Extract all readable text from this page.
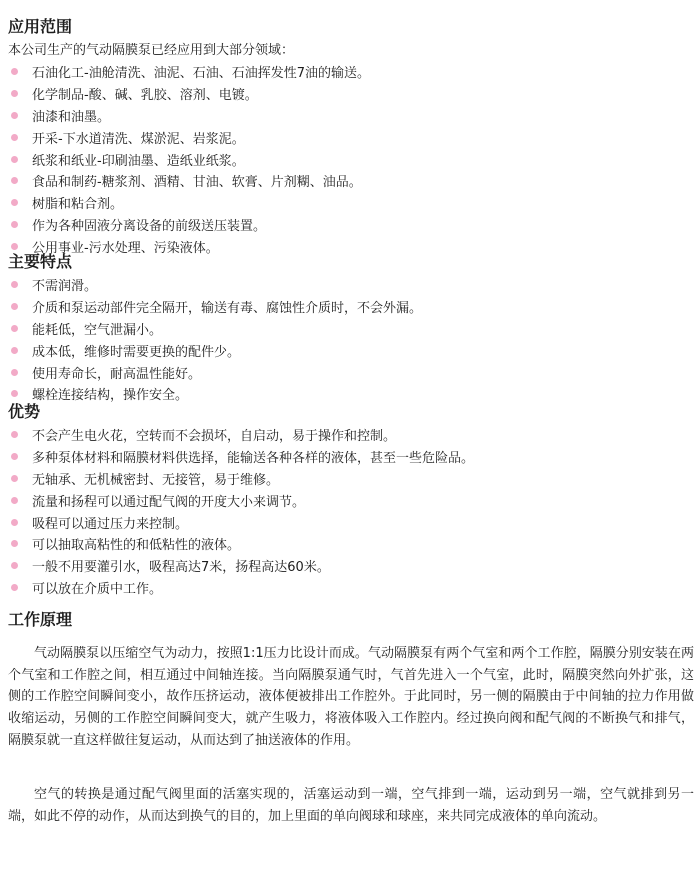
应用范围
本公司生产的气动隔膜泵已经应用到大部分领域：
石油化工-油舱清洗、油泥、石油、石油挥发性7油的输送。
化学制品-酸、碱、乳胶、溶剂、电镀。
油漆和油墨。
开采-下水道清洗、煤淤泥、岩浆泥。
纸浆和纸业-印刷油墨、造纸业纸浆。
食品和制药-糖浆剂、酒精、甘油、软膏、片剂糊、油品。
树脂和粘合剂。
作为各种固液分离设备的前级送压装置。
公用事业-污水处理、污染液体。
主要特点
不需润滑。
介质和泵运动部件完全隔开，输送有毒、腐蚀性介质时，不会外漏。
能耗低，空气泄漏小。
成本低，维修时需要更换的配件少。
使用寿命长，耐高温性能好。
螺栓连接结构，操作安全。
优势
不会产生电火花，空转而不会损坏，自启动，易于操作和控制。
多种泵体材料和隔膜材料供选择，能输送各种各样的液体，甚至一些危险品。
无轴承、无机械密封、无接管，易于维修。
流量和扬程可以通过配气阀的开度大小来调节。
吸程可以通过压力来控制。
可以抽取高粘性的和低粘性的液体。
一般不用要灌引水，吸程高达7米，扬程高达60米。
可以放在介质中工作。
工作原理

气动隔膜泵以压缩空气为动力，按照1:1压力比设计而成。气动隔膜泵有两个气室和两个工作腔，隔膜分别安装在两个气室和工作腔之间，相互通过中间轴连接。当向隔膜泵通气时，气首先进入一个气室，此时，隔膜突然向外扩张，这侧的工作腔空间瞬间变小，故作压挤运动，液体便被排出工作腔外。于此同时，另一侧的隔膜由于中间轴的拉力作用做收缩运动，另侧的工作腔空间瞬间变大，就产生吸力，将液体吸入工作腔内。经过换向阀和配气阀的不断换气和排气，隔膜泵就一直这样做往复运动，从而达到了抽送液体的作用。

空气的转换是通过配气阀里面的活塞实现的，活塞运动到一端，空气排到一端，运动到另一端，空气就排到另一端，如此不停的动作，从而达到换气的目的，加上里面的单向阀球和球座，来共同完成液体的单向流动。
